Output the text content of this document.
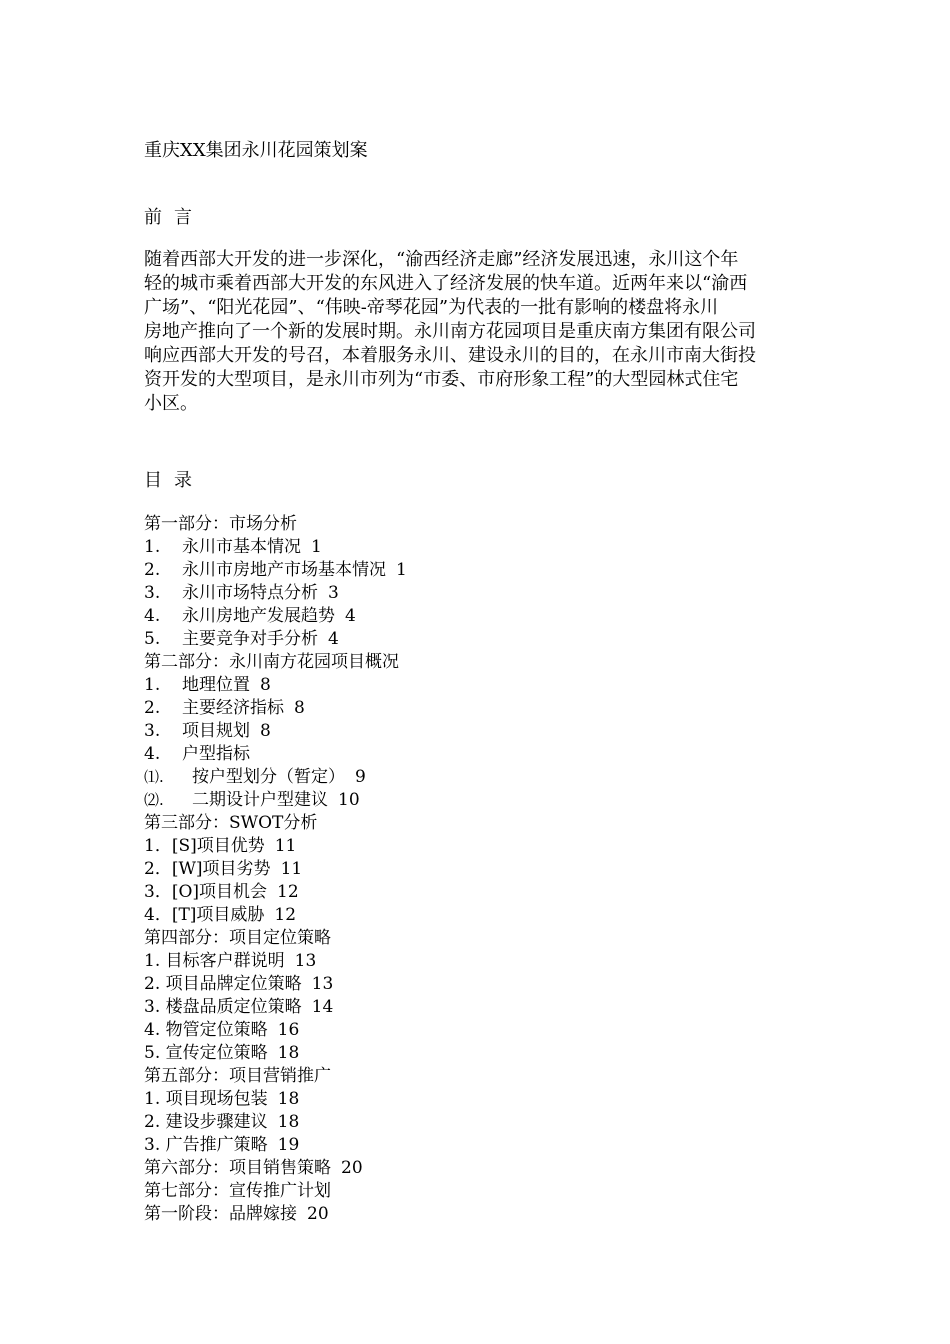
重庆XX集团永川花园策划案
前言
随着西部大开发的进一步深化，“渝西经济走廊”经济发展迅速，永川这个年
轻的城市乘着西部大开发的东风进入了经济发展的快车道。近两年来以“渝西
广场”、“阳光花园”、“伟映-帝琴花园”为代表的一批有影响的楼盘将永川
房地产推向了一个新的发展时期。永川南方花园项目是重庆南方集团有限公司
响应西部大开发的号召，本着服务永川、建设永川的目的，在永川市南大街投
资开发的大型项目，是永川市列为“市委、市府形象工程”的大型园林式住宅
小区。
目录
第一部分：市场分析
1. 永川市基本情况 1
2. 永川市房地产市场基本情况 1
3. 永川市场特点分析 3
4. 永川房地产发展趋势 4
5. 主要竞争对手分析 4
第二部分：永川南方花园项目概况
1. 地理位置 8
2. 主要经济指标 8
3. 项目规划 8
4. 户型指标
⑴. 按户型划分（暂定） 9
⑵. 二期设计户型建议 10
第三部分：SWOT分析
1．[S]项目优势 11
2．[W]项目劣势 11
3．[O]项目机会 12
4．[T]项目威胁 12
第四部分：项目定位策略
1. 目标客户群说明 13
2. 项目品牌定位策略 13
3. 楼盘品质定位策略 14
4. 物管定位策略 16
5. 宣传定位策略 18
第五部分：项目营销推广
1. 项目现场包装 18
2. 建设步骤建议 18
3. 广告推广策略 19
第六部分：项目销售策略 20
第七部分：宣传推广计划
第一阶段：品牌嫁接 20
